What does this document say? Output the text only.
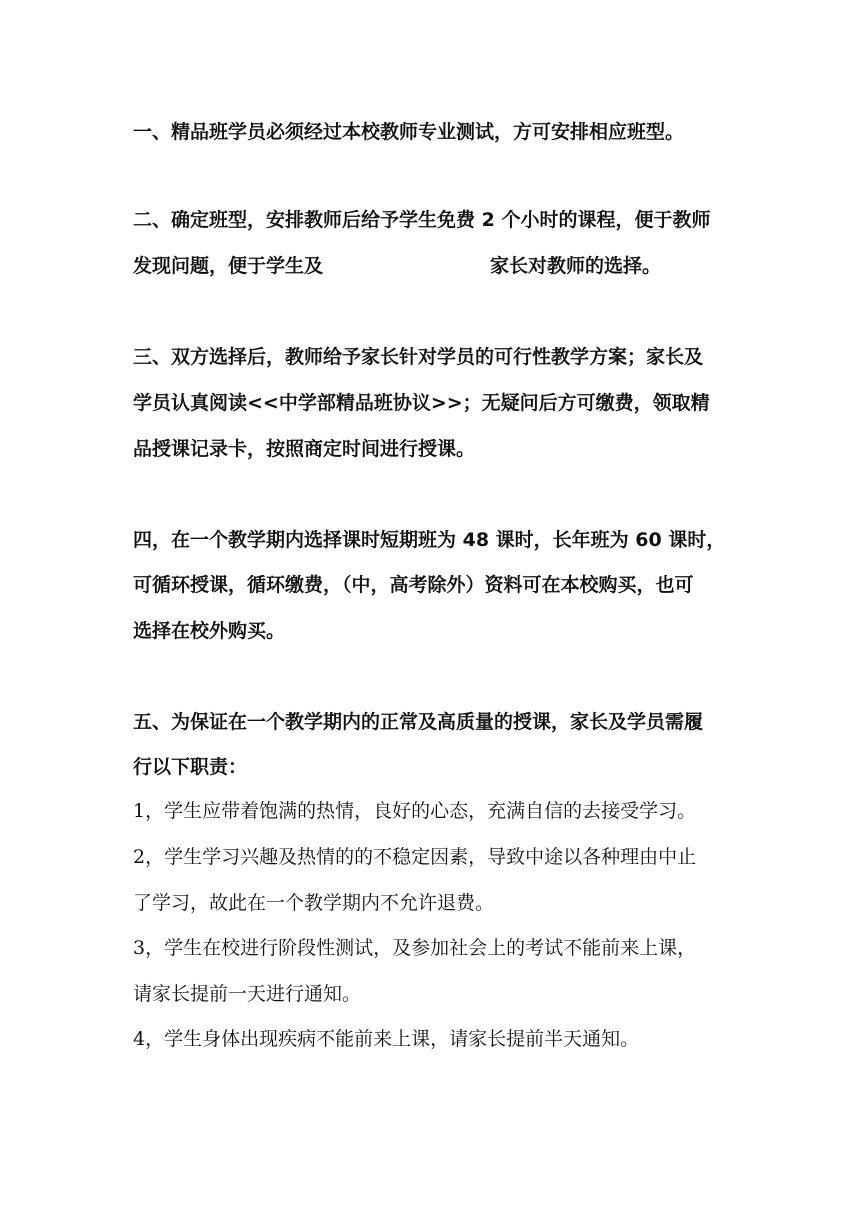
一、精品班学员必须经过本校教师专业测试，方可安排相应班型。
二、确定班型，安排教师后给予学生免费 2 个小时的课程，便于教师
发现问题，便于学生及	家长对教师的选择。
三、双方选择后，教师给予家长针对学员的可行性教学方案；家长及
学员认真阅读<<中学部精品班协议>>；无疑问后方可缴费，领取精
品授课记录卡，按照商定时间进行授课。
四，在一个教学期内选择课时短期班为 48 课时，长年班为 60 课时，
可循环授课，循环缴费，（中，高考除外）资料可在本校购买，也可
选择在校外购买。
五、为保证在一个教学期内的正常及高质量的授课，家长及学员需履
行以下职责：
1，学生应带着饱满的热情，良好的心态，充满自信的去接受学习。
2，学生学习兴趣及热情的的不稳定因素，导致中途以各种理由中止
了学习，故此在一个教学期内不允许退费。
3，学生在校进行阶段性测试，及参加社会上的考试不能前来上课，
请家长提前一天进行通知。
4，学生身体出现疾病不能前来上课，请家长提前半天通知。
